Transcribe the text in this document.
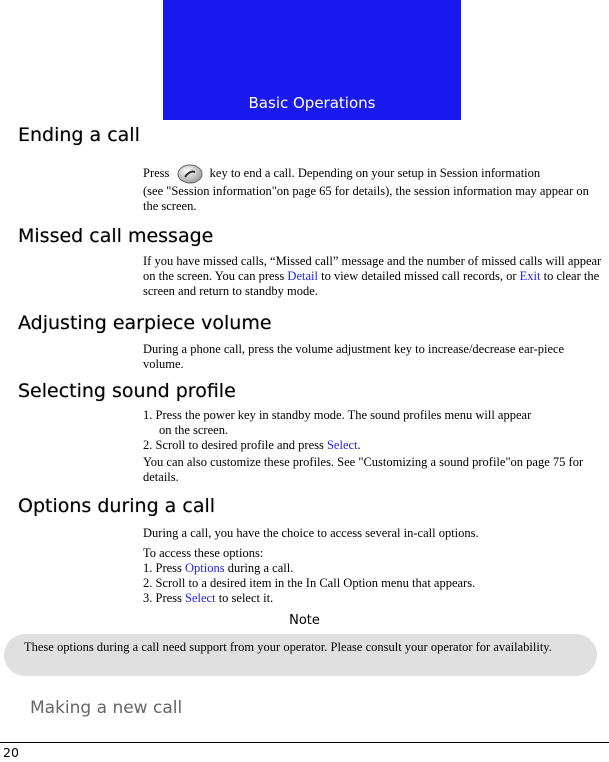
Basic Operations
Ending a call
Press	key to end a call. Depending on your setup in Session information
(see "Session information"on page 65 for details), the session information may appear on the screen.
Missed call message
If you have missed calls, “Missed call” message and the number of missed calls will appear on the screen. You can press Detail to view detailed missed call records, or Exit to clear the screen and return to standby mode.
Adjusting earpiece volume
During a phone call, press the volume adjustment key to increase/decrease ear-piece volume.
Selecting sound profile
1. Press the power key in standby mode. The sound profiles menu will appear
on the screen.
2. Scroll to desired profile and press Select.
You can also customize these profiles. See "Customizing a sound profile"on page 75 for details.
Options during a call
During a call, you have the choice to access several in-call options.
To access these options:
1. Press Options during a call.
2. Scroll to a desired item in the In Call Option menu that appears.
3. Press Select to select it.
Note
These options during a call need support from your operator. Please consult your operator for availability.
Making a new call
20
